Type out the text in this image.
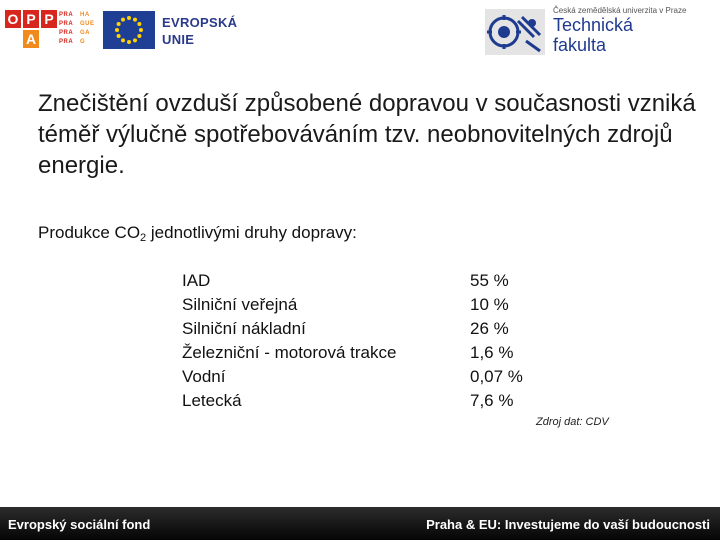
O P P
A
PRA	HA
PRA	GUE
PRA	GA
PRA	G
EVROPSKÁ
UNIE
Česká zemědělská univerzita v Praze
Technická
fakulta
Znečištění ovzduší způsobené dopravou v současnosti vzniká téměř výlučně spotřebováváním tzv. neobnovitelných zdrojů energie.
Produkce $CO_2$ jednotlivými druhy dopravy:
IAD	55 %
Silniční veřejná	10 %
Silniční nákladní	26 %
Železniční - motorová trakce	1,6 %
Vodní	0,07 %
Letecká	7,6 %
Zdroj dat: CDV
Evropský sociální fond	Praha & EU: Investujeme do vaší budoucnosti
